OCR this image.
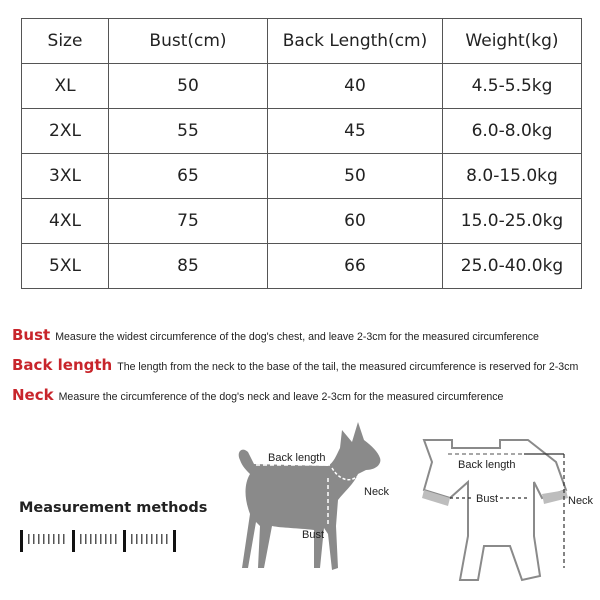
Size	Bust(cm)	Back Length(cm)	Weight(kg)
XL	50	40	4.5-5.5kg
2XL	55	45	6.0-8.0kg
3XL	65	50	8.0-15.0kg
4XL	75	60	15.0-25.0kg
5XL	85	66	25.0-40.0kg
Bust Measure the widest circumference of the dog's chest, and leave 2-3cm for the measured circumference
Back length The length from the neck to the base of the tail, the measured circumference is reserved for 2-3cm
Neck Measure the circumference of the dog's neck and leave 2-3cm for the measured circumference
Measurement methods
Back length
Neck
Bust
Back length
Bust	Neck
